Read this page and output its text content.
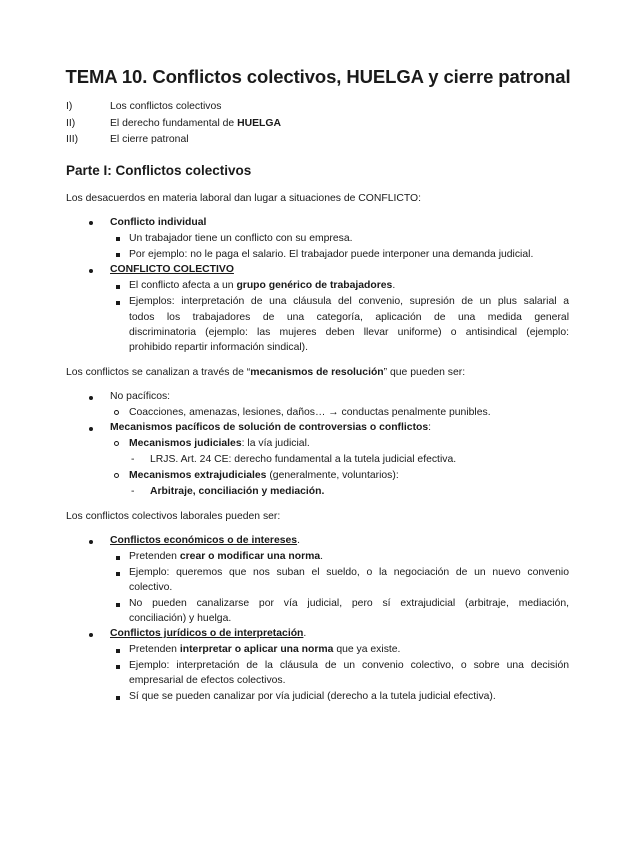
TEMA 10. Conflictos colectivos, HUELGA y cierre patronal
I)	Los conflictos colectivos
II)	El derecho fundamental de HUELGA
III)	El cierre patronal
Parte I: Conflictos colectivos
Los desacuerdos en materia laboral dan lugar a situaciones de CONFLICTO:
Conflicto individual
Un trabajador tiene un conflicto con su empresa.
Por ejemplo: no le paga el salario. El trabajador puede interponer una demanda judicial.
CONFLICTO COLECTIVO
El conflicto afecta a un grupo genérico de trabajadores.
Ejemplos: interpretación de una cláusula del convenio, supresión de un plus salarial a
todos los trabajadores de una categoría, aplicación de una medida general
discriminatoria (ejemplo: las mujeres deben llevar uniforme) o antisindical (ejemplo:
prohibido repartir información sindical).
Los conflictos se canalizan a través de “mecanismos de resolución” que pueden ser:
No pacíficos:
Coacciones, amenazas, lesiones, daños… → conductas penalmente punibles.
Mecanismos pacíficos de solución de controversias o conflictos:
Mecanismos judiciales: la vía judicial.
- LRJS. Art. 24 CE: derecho fundamental a la tutela judicial efectiva.
Mecanismos extrajudiciales (generalmente, voluntarios):
- Arbitraje, conciliación y mediación.
Los conflictos colectivos laborales pueden ser:
Conflictos económicos o de intereses.
Pretenden crear o modificar una norma.
Ejemplo: queremos que nos suban el sueldo, o la negociación de un nuevo convenio
colectivo.
No pueden canalizarse por vía judicial, pero sí extrajudicial (arbitraje, mediación,
conciliación) y huelga.
Conflictos jurídicos o de interpretación.
Pretenden interpretar o aplicar una norma que ya existe.
Ejemplo: interpretación de la cláusula de un convenio colectivo, o sobre una decisión
empresarial de efectos colectivos.
Sí que se pueden canalizar por vía judicial (derecho a la tutela judicial efectiva).
